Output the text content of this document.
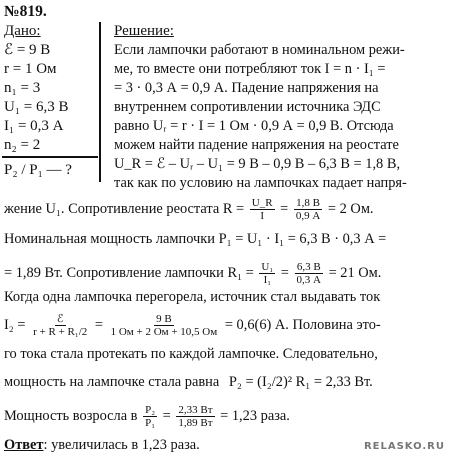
№819.
Дано:
ℰ = 9 В
r = 1 Ом
n₁ = 3
U₁ = 6,3 В
I₁ = 0,3 А
n₂ = 2
P₂ / P₁ — ?
Решение:
Если лампочки работают в номинальном режи-
ме, то вместе они потребляют ток I = n · I₁ =
= 3 · 0,3 А = 0,9 А. Падение напряжения на
внутреннем сопротивлении источника ЭДС
равно Uᵣ = r · I = 1 Ом · 0,9 А = 0,9 В. Отсюда
можем найти падение напряжения на реостате
U_R = ℰ – Uᵣ – U₁ = 9 В – 0,9 В – 6,3 В = 1,8 В,
так как по условию на лампочках падает напря-
жение U₁. Сопротивление реостата $R = \frac{U\_R}{I} = \frac{1,8 В}{0,9 А} = 2$ Ом.
Номинальная мощность лампочки P₁ = U₁ · I₁ = 6,3 В · 0,3 А =
= 1,89 Вт. Сопротивление лампочки $R_1 = \frac{\text{U₁}}{\text{I₁}} = \frac{6,3 В}{0,3 А} = 21$ Ом.
Когда одна лампочка перегорела, источник стал выдавать ток
$I_2 = \frac{\text{ℰ}}{\text{r + R + R₁/2}} = \frac{9 В}{1 Ом + 2 Ом + 10,5 Ом} = 0,6(6)$ А. Половина это-
го тока стала протекать по каждой лампочке. Следовательно,
мощность на лампочке стала равна P₂ = (I₂/2)² R₁ = 2,33 Вт.
Мощность возросла в $\frac{\text{P₂}}{\text{P₁}} = \frac{2,33 Вт}{1,89 Вт} = 1,23$ раза.
Ответ: увеличилась в 1,23 раза.	RELASKO.RU
